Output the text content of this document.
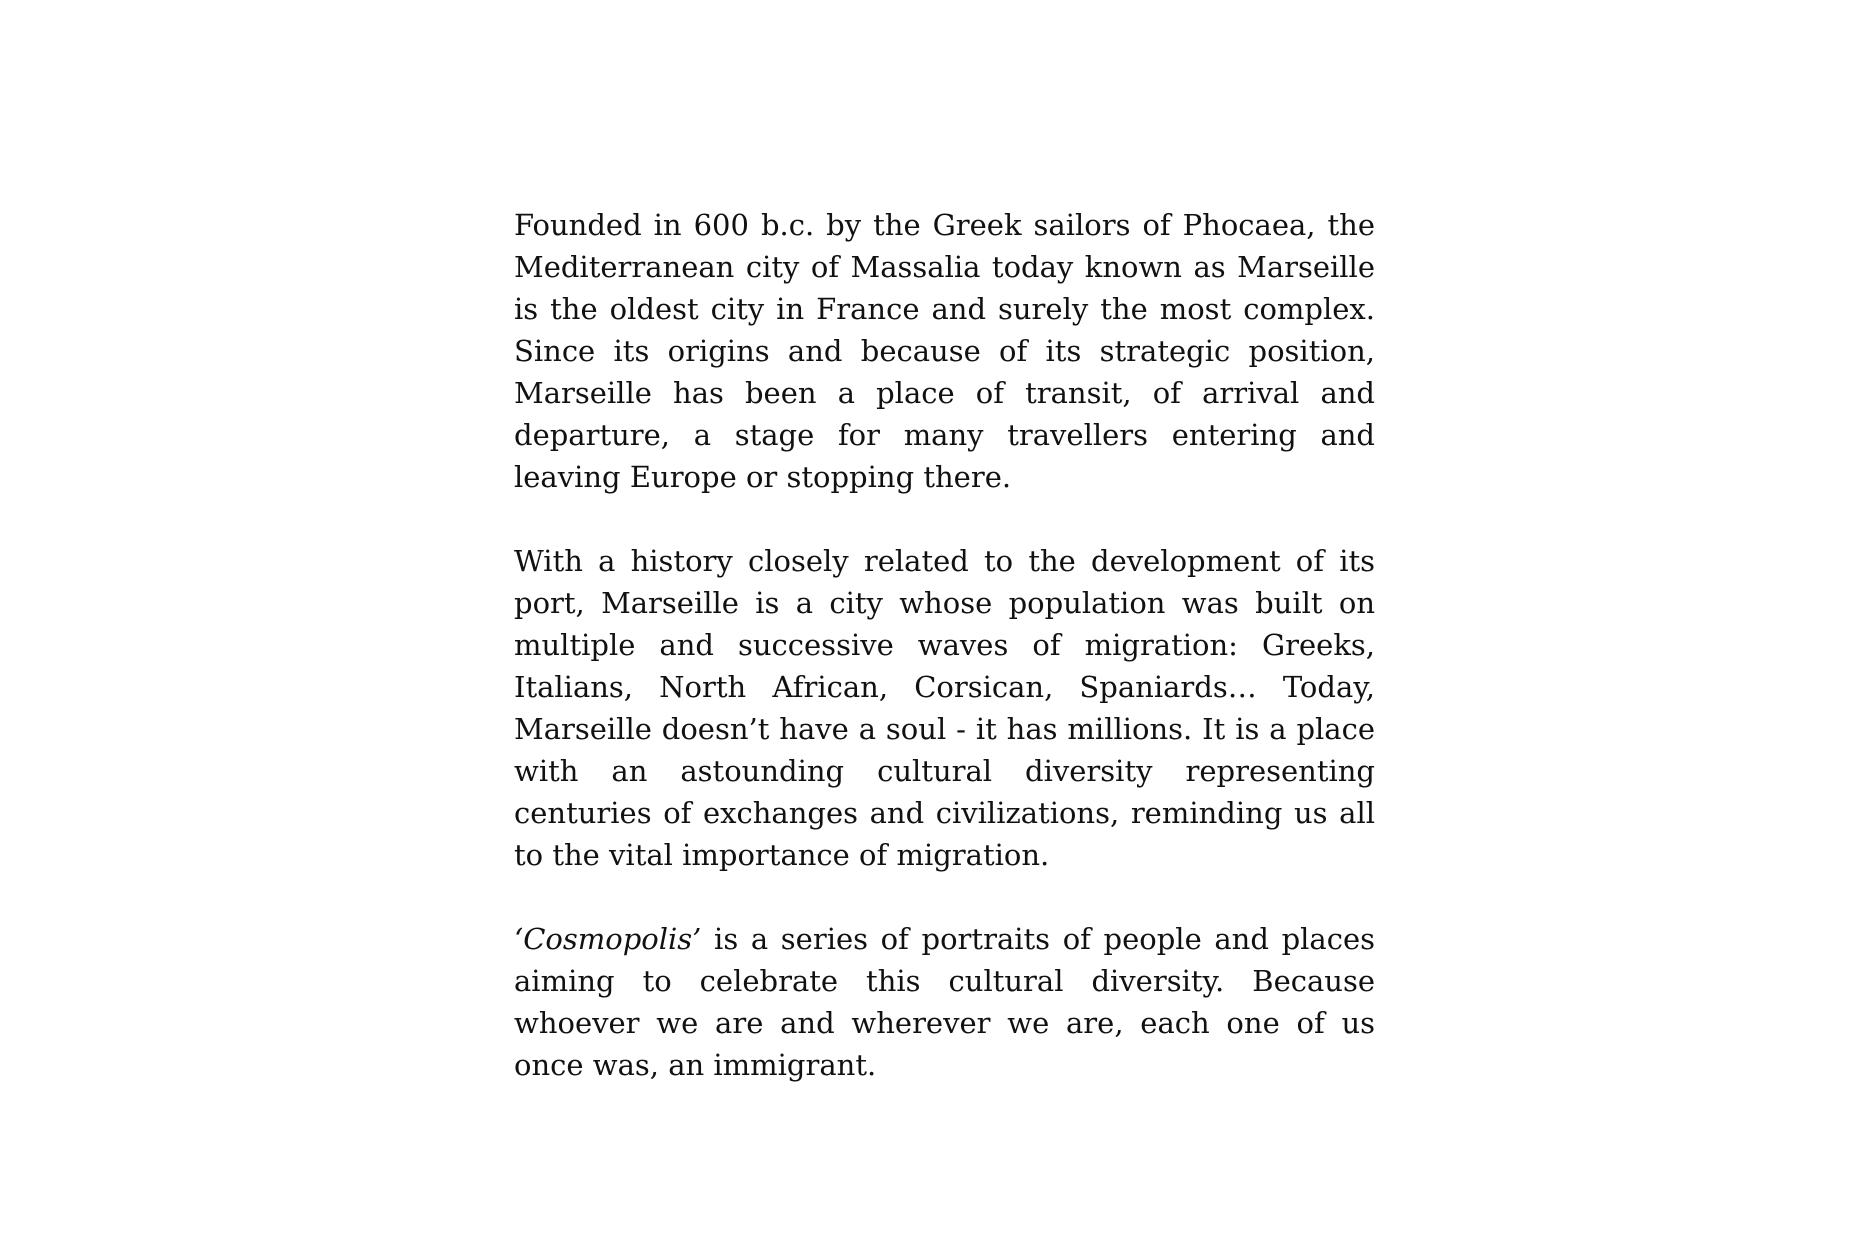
Founded in 600 b.c. by the Greek sailors of Phocaea, the Mediterranean city of Massalia today known as Marseille is the oldest city in France and surely the most complex. Since its origins and because of its strategic position, Marseille has been a place of transit, of arrival and departure, a stage for many travellers entering and leaving Europe or stopping there.

With a history closely related to the development of its port, Marseille is a city whose population was built on multiple and successive waves of migration: Greeks, Italians, North African, Corsican, Spaniards… Today, Marseille doesn’t have a soul - it has millions. It is a place with an astounding cultural diversity representing centuries of exchanges and civilizations, reminding us all to the vital importance of migration.

‘Cosmopolis’ is a series of portraits of people and places aiming to celebrate this cultural diversity. Because whoever we are and wherever we are, each one of us once was, an immigrant.
